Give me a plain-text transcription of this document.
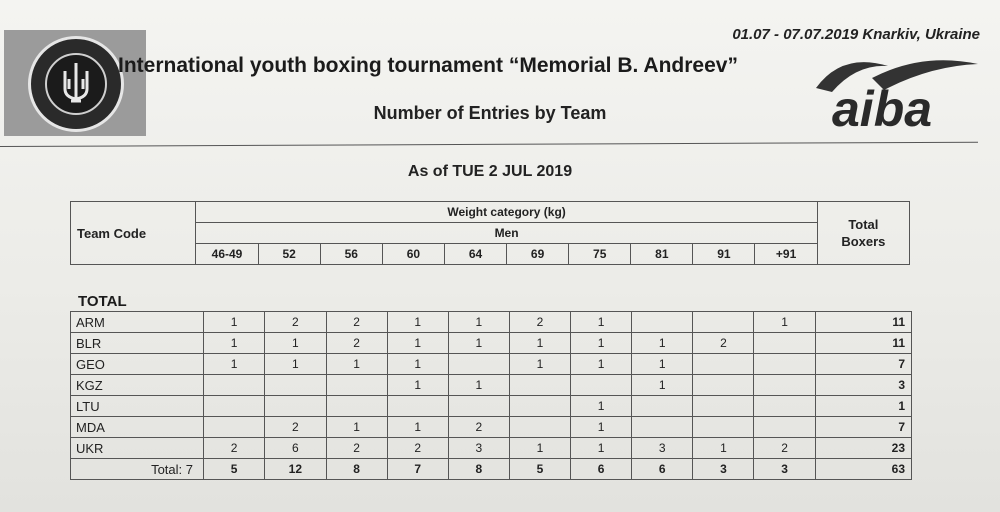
01.07 - 07.07.2019 Knarkiv, Ukraine
International youth boxing tournament “Memorial B. Andreev”
aiba
Number of Entries by Team
As of TUE 2 JUL 2019
Team Code	Weight category (kg)										Total
Boxers
	Men										
	46-49	52	56	60	64	69	75	81	91	+91	
TOTAL
ARM	1	2	2	1	1	2	1			1	11
BLR	1	1	2	1	1	1	1	1	2		11
GEO	1	1	1	1		1	1	1			7
KGZ				1	1			1			3
LTU							1				1
MDA		2	1	1	2		1				7
UKR	2	6	2	2	3	1	1	3	1	2	23
Total: 7	5	12	8	7	8	5	6	6	3	3	63
